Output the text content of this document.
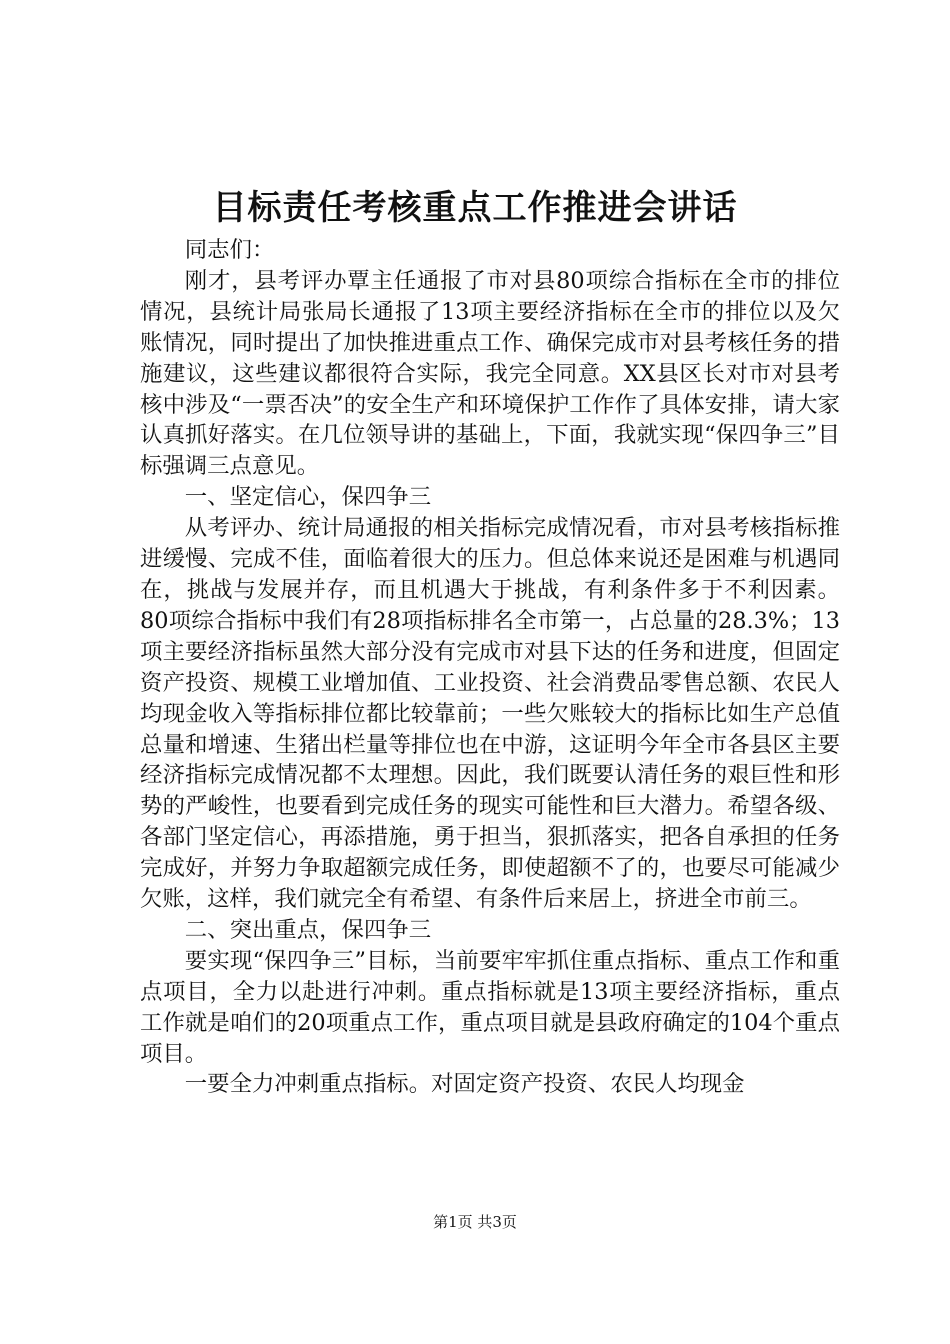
目标责任考核重点工作推进会讲话

同志们：

刚才，县考评办覃主任通报了市对县80项综合指标在全市的排位情况，县统计局张局长通报了13项主要经济指标在全市的排位以及欠账情况，同时提出了加快推进重点工作、确保完成市对县考核任务的措施建议，这些建议都很符合实际，我完全同意。XX县区长对市对县考核中涉及“一票否决”的安全生产和环境保护工作作了具体安排，请大家认真抓好落实。在几位领导讲的基础上，下面，我就实现“保四争三”目标强调三点意见。

一、坚定信心，保四争三

从考评办、统计局通报的相关指标完成情况看，市对县考核指标推进缓慢、完成不佳，面临着很大的压力。但总体来说还是困难与机遇同在，挑战与发展并存，而且机遇大于挑战，有利条件多于不利因素。80项综合指标中我们有28项指标排名全市第一，占总量的28.3%；13项主要经济指标虽然大部分没有完成市对县下达的任务和进度，但固定资产投资、规模工业增加值、工业投资、社会消费品零售总额、农民人均现金收入等指标排位都比较靠前；一些欠账较大的指标比如生产总值总量和增速、生猪出栏量等排位也在中游，这证明今年全市各县区主要经济指标完成情况都不太理想。因此，我们既要认清任务的艰巨性和形势的严峻性，也要看到完成任务的现实可能性和巨大潜力。希望各级、各部门坚定信心，再添措施，勇于担当，狠抓落实，把各自承担的任务完成好，并努力争取超额完成任务，即使超额不了的，也要尽可能减少欠账，这样，我们就完全有希望、有条件后来居上，挤进全市前三。

二、突出重点，保四争三

要实现“保四争三”目标，当前要牢牢抓住重点指标、重点工作和重点项目，全力以赴进行冲刺。重点指标就是13项主要经济指标，重点工作就是咱们的20项重点工作，重点项目就是县政府确定的104个重点项目。

一要全力冲刺重点指标。对固定资产投资、农民人均现金

第1页 共3页
